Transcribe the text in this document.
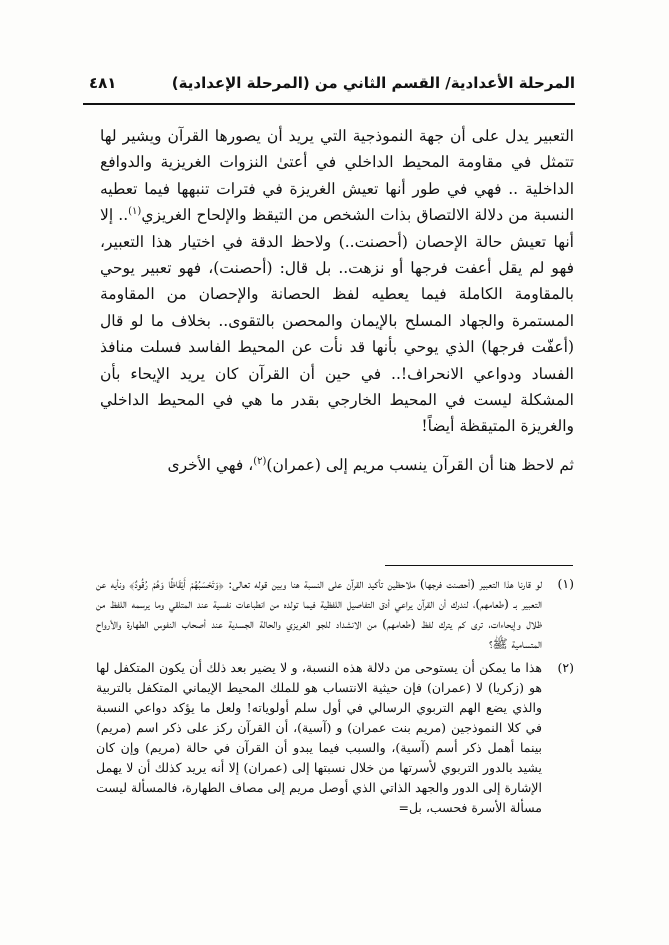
المرحلة الأعدادية/ القسم الثاني من (المرحلة الإعدادية)
٤٨١

التعبير يدل على أن جهة النموذجية التي يريد أن يصورها القرآن ويشير لها تتمثل في مقاومة المحيط الداخلي في أعتىٰ النزوات الغريزية والدوافع الداخلية .. فهي في طور أنها تعيش الغريزة في فترات تنبهها فيما تعطيه النسبة من دلالة الالتصاق بذات الشخص من التيقظ والإلحاح الغريزي$^{(١)}$.. إلا أنها تعيش حالة الإحصان (أحصنت..) ولاحظ الدقة في اختيار هذا التعبير، فهو لم يقل أعفت فرجها أو نزهت.. بل قال: (أحصنت)، فهو تعبير يوحي بالمقاومة الكاملة فيما يعطيه لفظ الحصانة والإحصان من المقاومة المستمرة والجهاد المسلح بالإيمان والمحصن بالتقوى.. بخلاف ما لو قال (أعفّت فرجها) الذي يوحي بأنها قد نأت عن المحيط الفاسد فسلت منافذ الفساد ودواعي الانحراف!.. في حين أن القرآن كان يريد الإيحاء بأن المشكلة ليست في المحيط الخارجي بقدر ما هي في المحيط الداخلي والغريزة المتيقظة أيضاً!

ثم لاحظ هنا أن القرآن ينسب مريم إلى (عمران)$^{(٢)}$، فهي الأخرى

(١)
لو قارنا هذا التعبير (أحصنت فرجها) ملاحظين تأكيد القرآن على النسبة هنا وبين قوله تعالى: ﴿وَتَحْسَبُهُمْ أَيْقَاظًا وَهُمْ رُقُودٌ﴾ ونأيه عن التعبير بـ (طعامهم)، لندرك أن القرآن يراعي أدق التفاصيل اللفظية فيما تولده من انطباعات نفسية عند المتلقي وما يرسمه اللفظ من ظلال وإيحاءات، ترى كم يترك لفظ (طعامهم) من الانشداد للجو الغريزي والحالة الجسدية عند أصحاب النفوس الطهارة والأرواح المتسامية ﷺ؟
(٢)
هذا ما يمكن أن يستوحى من دلالة هذه النسبة، و لا يضير بعد ذلك أن يكون المتكفل لها هو (زكريا) لا (عمران) فإن حيثية الانتساب هو للملك المحيط الإيماني المتكفل بالتربية والذي يضع الهم التربوي الرسالي في أول سلم أولوياته! ولعل ما يؤكد دواعي النسبة في كلا النموذجين (مريم بنت عمران) و (آسية)، أن القرآن ركز على ذكر اسم (مريم) بينما أهمل ذكر أسم (آسية)، والسبب فيما يبدو أن القرآن في حالة (مريم) وإن كان يشيد بالدور التربوي لأسرتها من خلال نسبتها إلى (عمران) إلا أنه يريد كذلك أن لا يهمل الإشارة إلى الدور والجهد الذاتي الذي أوصل مريم إلى مصاف الطهارة، فالمسألة ليست مسألة الأسرة فحسب، بل=
